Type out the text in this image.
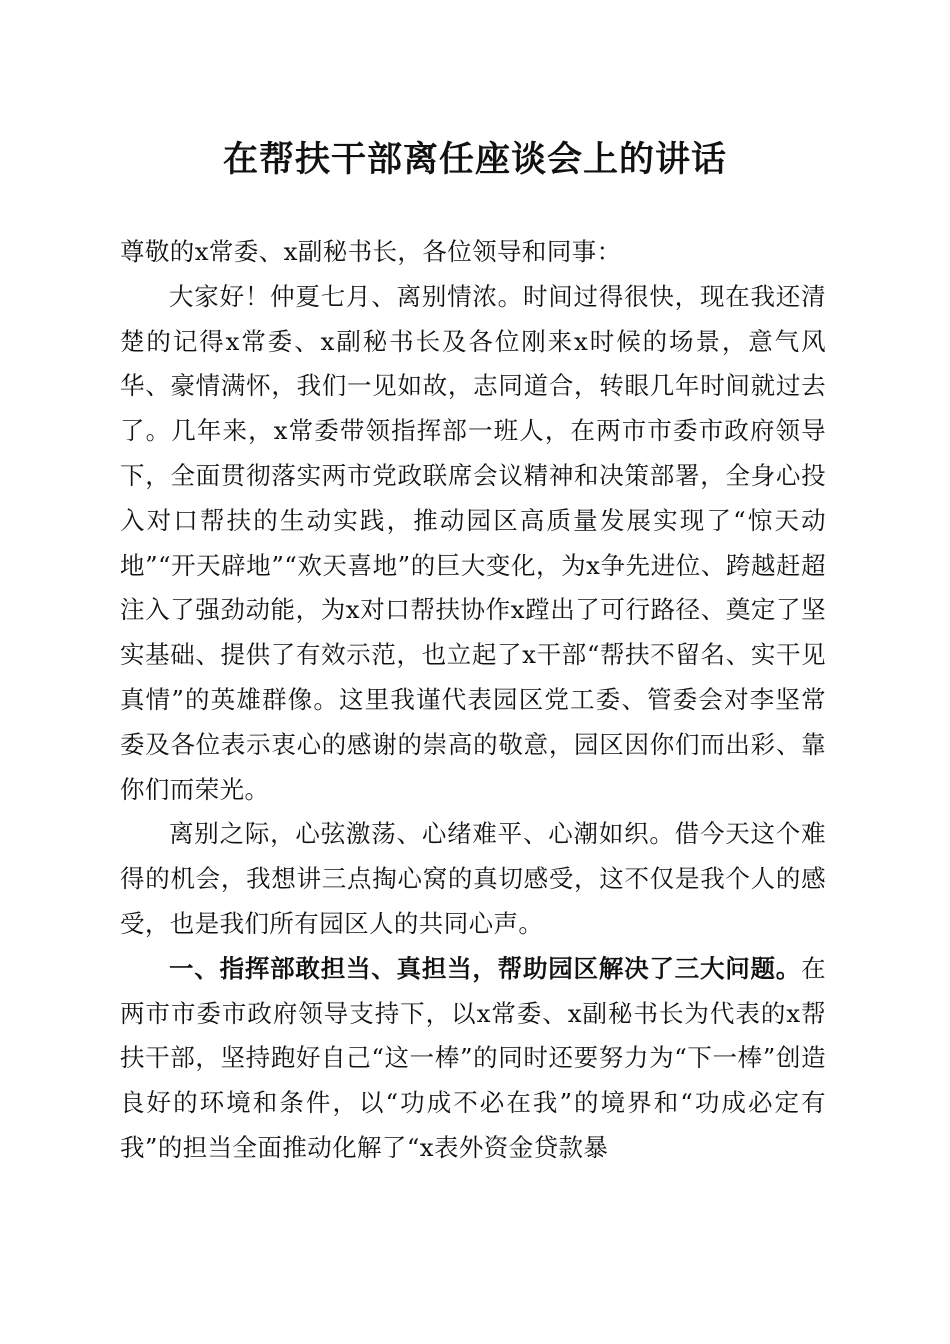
在帮扶干部离任座谈会上的讲话

尊敬的x常委、x副秘书长，各位领导和同事：

大家好！仲夏七月、离别情浓。时间过得很快，现在我还清楚的记得x常委、x副秘书长及各位刚来x时候的场景，意气风华、豪情满怀，我们一见如故，志同道合，转眼几年时间就过去了。几年来，x常委带领指挥部一班人，在两市市委市政府领导下，全面贯彻落实两市党政联席会议精神和决策部署，全身心投入对口帮扶的生动实践，推动园区高质量发展实现了“惊天动地”“开天辟地”“欢天喜地”的巨大变化，为x争先进位、跨越赶超注入了强劲动能，为x对口帮扶协作x蹚出了可行路径、奠定了坚实基础、提供了有效示范，也立起了x干部“帮扶不留名、实干见真情”的英雄群像。这里我谨代表园区党工委、管委会对李坚常委及各位表示衷心的感谢的崇高的敬意，园区因你们而出彩、靠你们而荣光。

离别之际，心弦激荡、心绪难平、心潮如织。借今天这个难得的机会，我想讲三点掏心窝的真切感受，这不仅是我个人的感受，也是我们所有园区人的共同心声。

一、指挥部敢担当、真担当，帮助园区解决了三大问题。在两市市委市政府领导支持下，以x常委、x副秘书长为代表的x帮扶干部，坚持跑好自己“这一棒”的同时还要努力为“下一棒”创造良好的环境和条件，以“功成不必在我”的境界和“功成必定有我”的担当全面推动化解了“x表外资金贷款暴
